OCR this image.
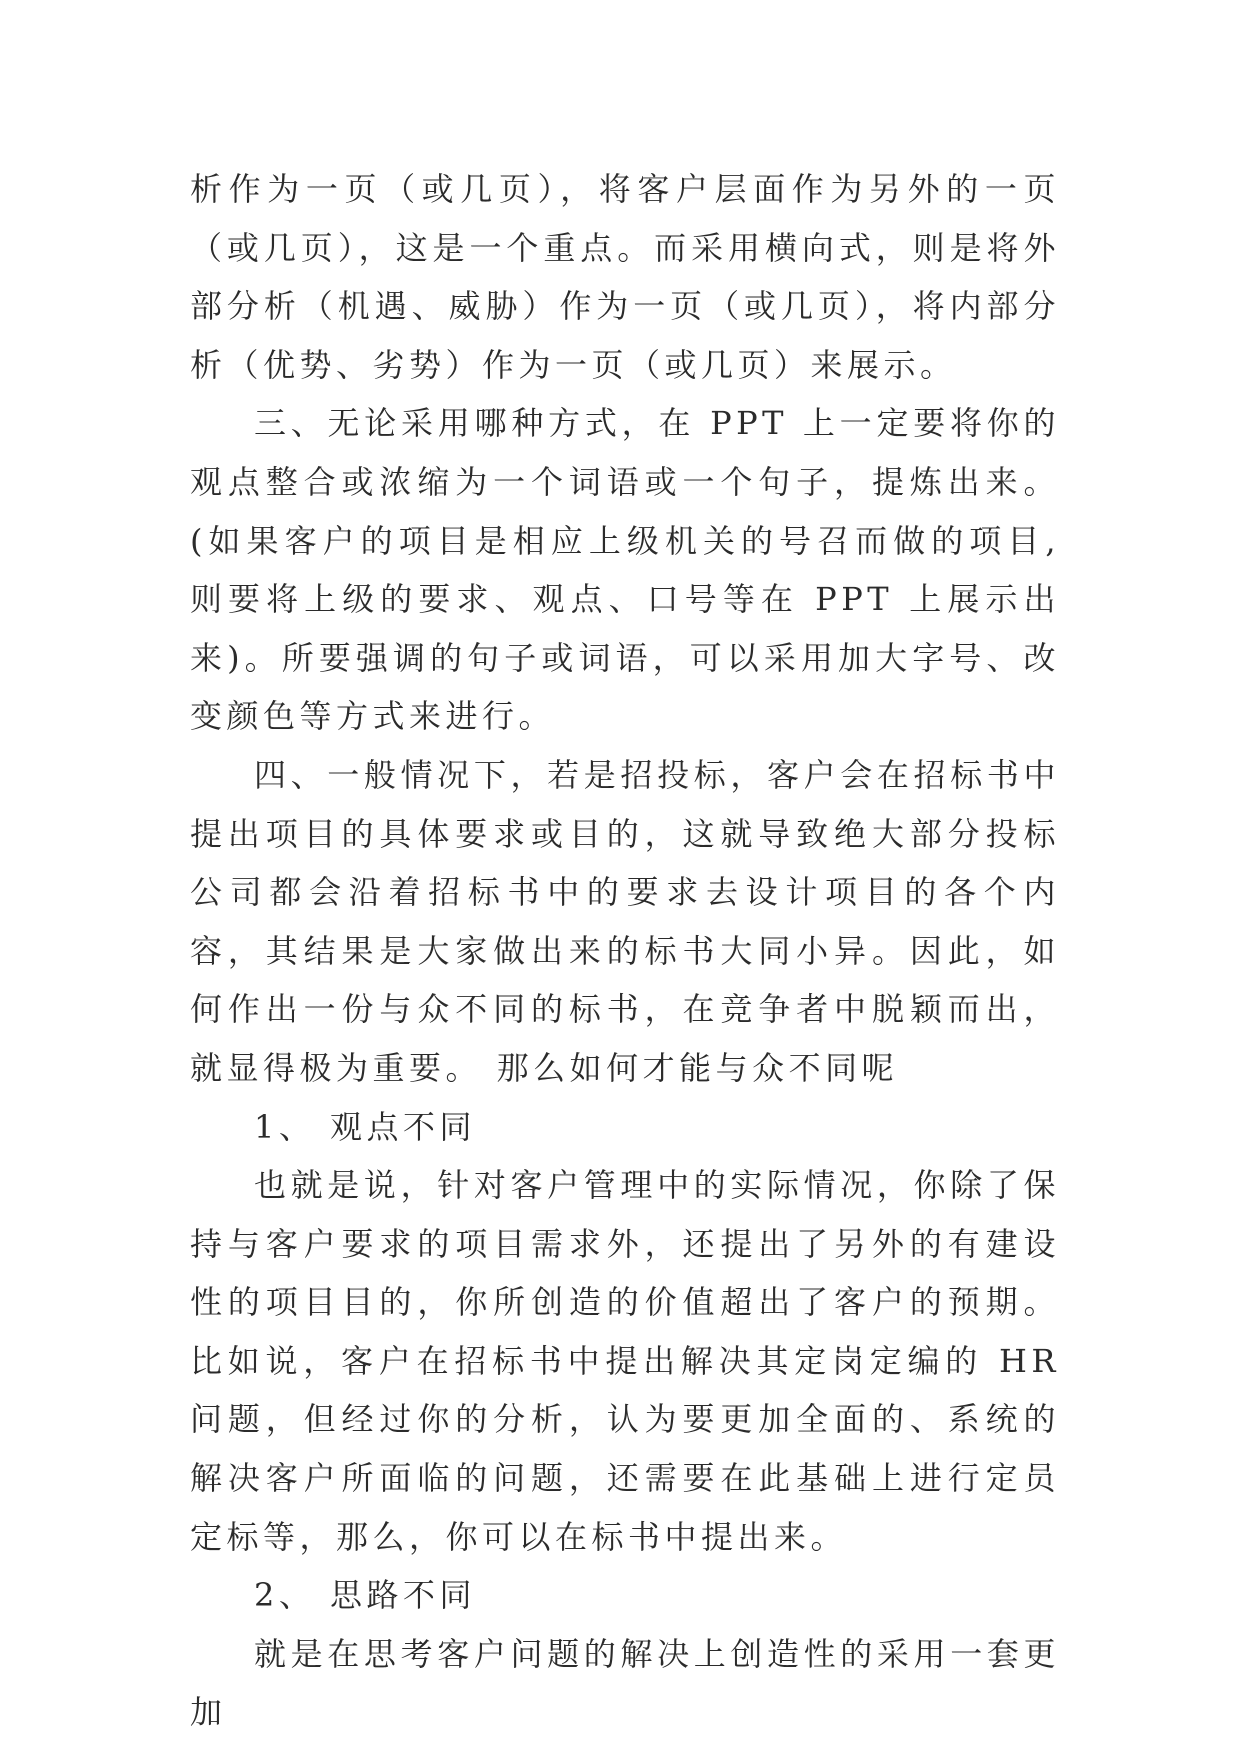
析作为一页（或几页），将客户层面作为另外的一页（或几页），这是一个重点。而采用横向式，则是将外部分析（机遇、威胁）作为一页（或几页），将内部分析（优势、劣势）作为一页（或几页）来展示。

三、无论采用哪种方式，在 PPT 上一定要将你的观点整合或浓缩为一个词语或一个句子，提炼出来。(如果客户的项目是相应上级机关的号召而做的项目,则要将上级的要求、观点、口号等在 PPT 上展示出来)。所要强调的句子或词语，可以采用加大字号、改变颜色等方式来进行。

四、一般情况下，若是招投标，客户会在招标书中提出项目的具体要求或目的，这就导致绝大部分投标公司都会沿着招标书中的要求去设计项目的各个内容，其结果是大家做出来的标书大同小异。因此，如何作出一份与众不同的标书，在竞争者中脱颖而出，就显得极为重要。 那么如何才能与众不同呢

1、 观点不同

也就是说，针对客户管理中的实际情况，你除了保持与客户要求的项目需求外，还提出了另外的有建设性的项目目的，你所创造的价值超出了客户的预期。比如说，客户在招标书中提出解决其定岗定编的 HR 问题，但经过你的分析，认为要更加全面的、系统的解决客户所面临的问题，还需要在此基础上进行定员定标等，那么，你可以在标书中提出来。

2、 思路不同

就是在思考客户问题的解决上创造性的采用一套更加
